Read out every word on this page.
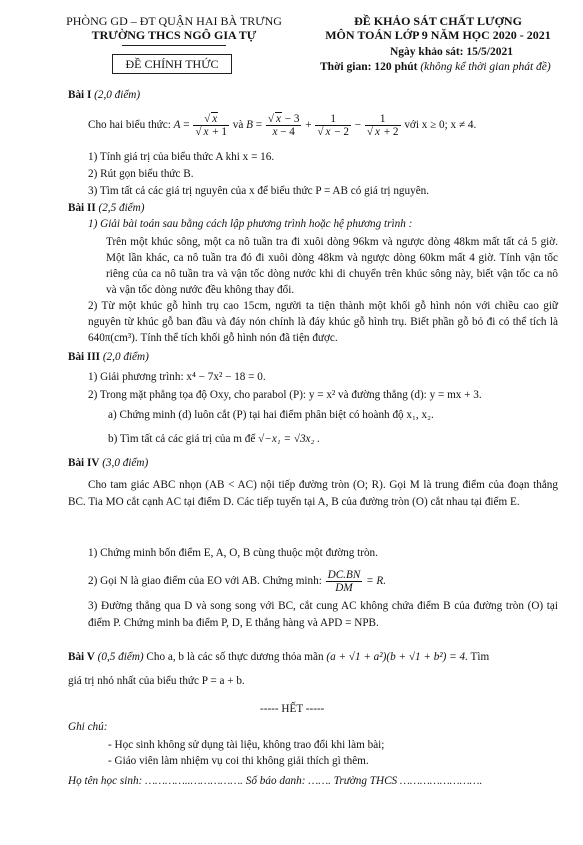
PHÒNG GD – ĐT QUẬN HAI BÀ TRƯNG
TRƯỜNG THCS NGÔ GIA TỰ
ĐỀ CHÍNH THỨC
ĐỀ KHẢO SÁT CHẤT LƯỢNG
MÔN TOÁN LỚP 9 NĂM HỌC 2020 - 2021
Ngày khảo sát: 15/5/2021
Thời gian: 120 phút (không kể thời gian phát đề)
Bài I (2,0 điểm)
Cho hai biểu thức: A = √ x
√ x + 1 và B = √ $\frac{x - 3}{x - 4} + 1$
√ x − 2 − 1
√ x + 2 với x ≥ 0; x ≠ 4.
1) Tính giá trị của biểu thức A khi x = 16.
2) Rút gọn biểu thức B.
3) Tìm tất cả các giá trị nguyên của x để biểu thức P = AB có giá trị nguyên.
Bài II (2,5 điểm)
1) Giải bài toán sau bằng cách lập phương trình hoặc hệ phương trình :
Trên một khúc sông, một ca nô tuần tra đi xuôi dòng 96km và ngược dòng 48km mất tất cả 5 giờ. Một lần khác, ca nô tuần tra đó đi xuôi dòng 48km và ngược dòng 60km mất 4 giờ. Tính vận tốc riêng của ca nô tuần tra và vận tốc dòng nước khi di chuyển trên khúc sông này, biết vận tốc ca nô và vận tốc dòng nước đều không thay đổi.
2) Từ một khúc gỗ hình trụ cao 15cm, người ta tiện thành một khối gỗ hình nón với chiều cao giữ nguyên từ khúc gỗ ban đầu và đáy nón chính là đáy khúc gỗ hình trụ. Biết phần gỗ bỏ đi có thể tích là 640π(cm³). Tính thể tích khối gỗ hình nón đã tiện được.
Bài III (2,0 điểm)
1) Giải phương trình: x⁴ − 7x² − 18 = 0.
2) Trong mặt phẳng tọa độ Oxy, cho parabol (P): y = x² và đường thẳng (d): y = mx + 3.
a) Chứng minh (d) luôn cắt (P) tại hai điểm phân biệt có hoành độ x₁, x₂.
b) Tìm tất cả các giá trị của m để √−x₁ = √3x₂ .
Bài IV (3,0 điểm)
Cho tam giác ABC nhọn (AB < AC) nội tiếp đường tròn (O; R). Gọi M là trung điểm của đoạn thẳng BC. Tia MO cắt cạnh AC tại điểm D. Các tiếp tuyến tại A, B của đường tròn (O) cắt nhau tại điểm E.
1) Chứng minh bốn điểm E, A, O, B cùng thuộc một đường tròn.
2) Gọi N là giao điểm của EO với AB. Chứng minh: $\frac{DC.BN}{DM} = R$.
3) Đường thẳng qua D và song song với BC, cắt cung AC không chứa điểm B của đường tròn (O) tại điểm P. Chứng minh ba điểm P, D, E thẳng hàng và APD = NPB.
Bài V (0,5 điểm) Cho a, b là các số thực dương thỏa mãn (a + √1 + a²)(b + √1 + b²) = 4. Tìm
giá trị nhỏ nhất của biểu thức P = a + b.
----- HẾT -----
Ghi chú:
- Học sinh không sử dụng tài liệu, không trao đổi khi làm bài;
- Giáo viên làm nhiệm vụ coi thi không giải thích gì thêm.
Họ tên học sinh: …………..……………. Số báo danh: ……. Trường THCS …………………….
